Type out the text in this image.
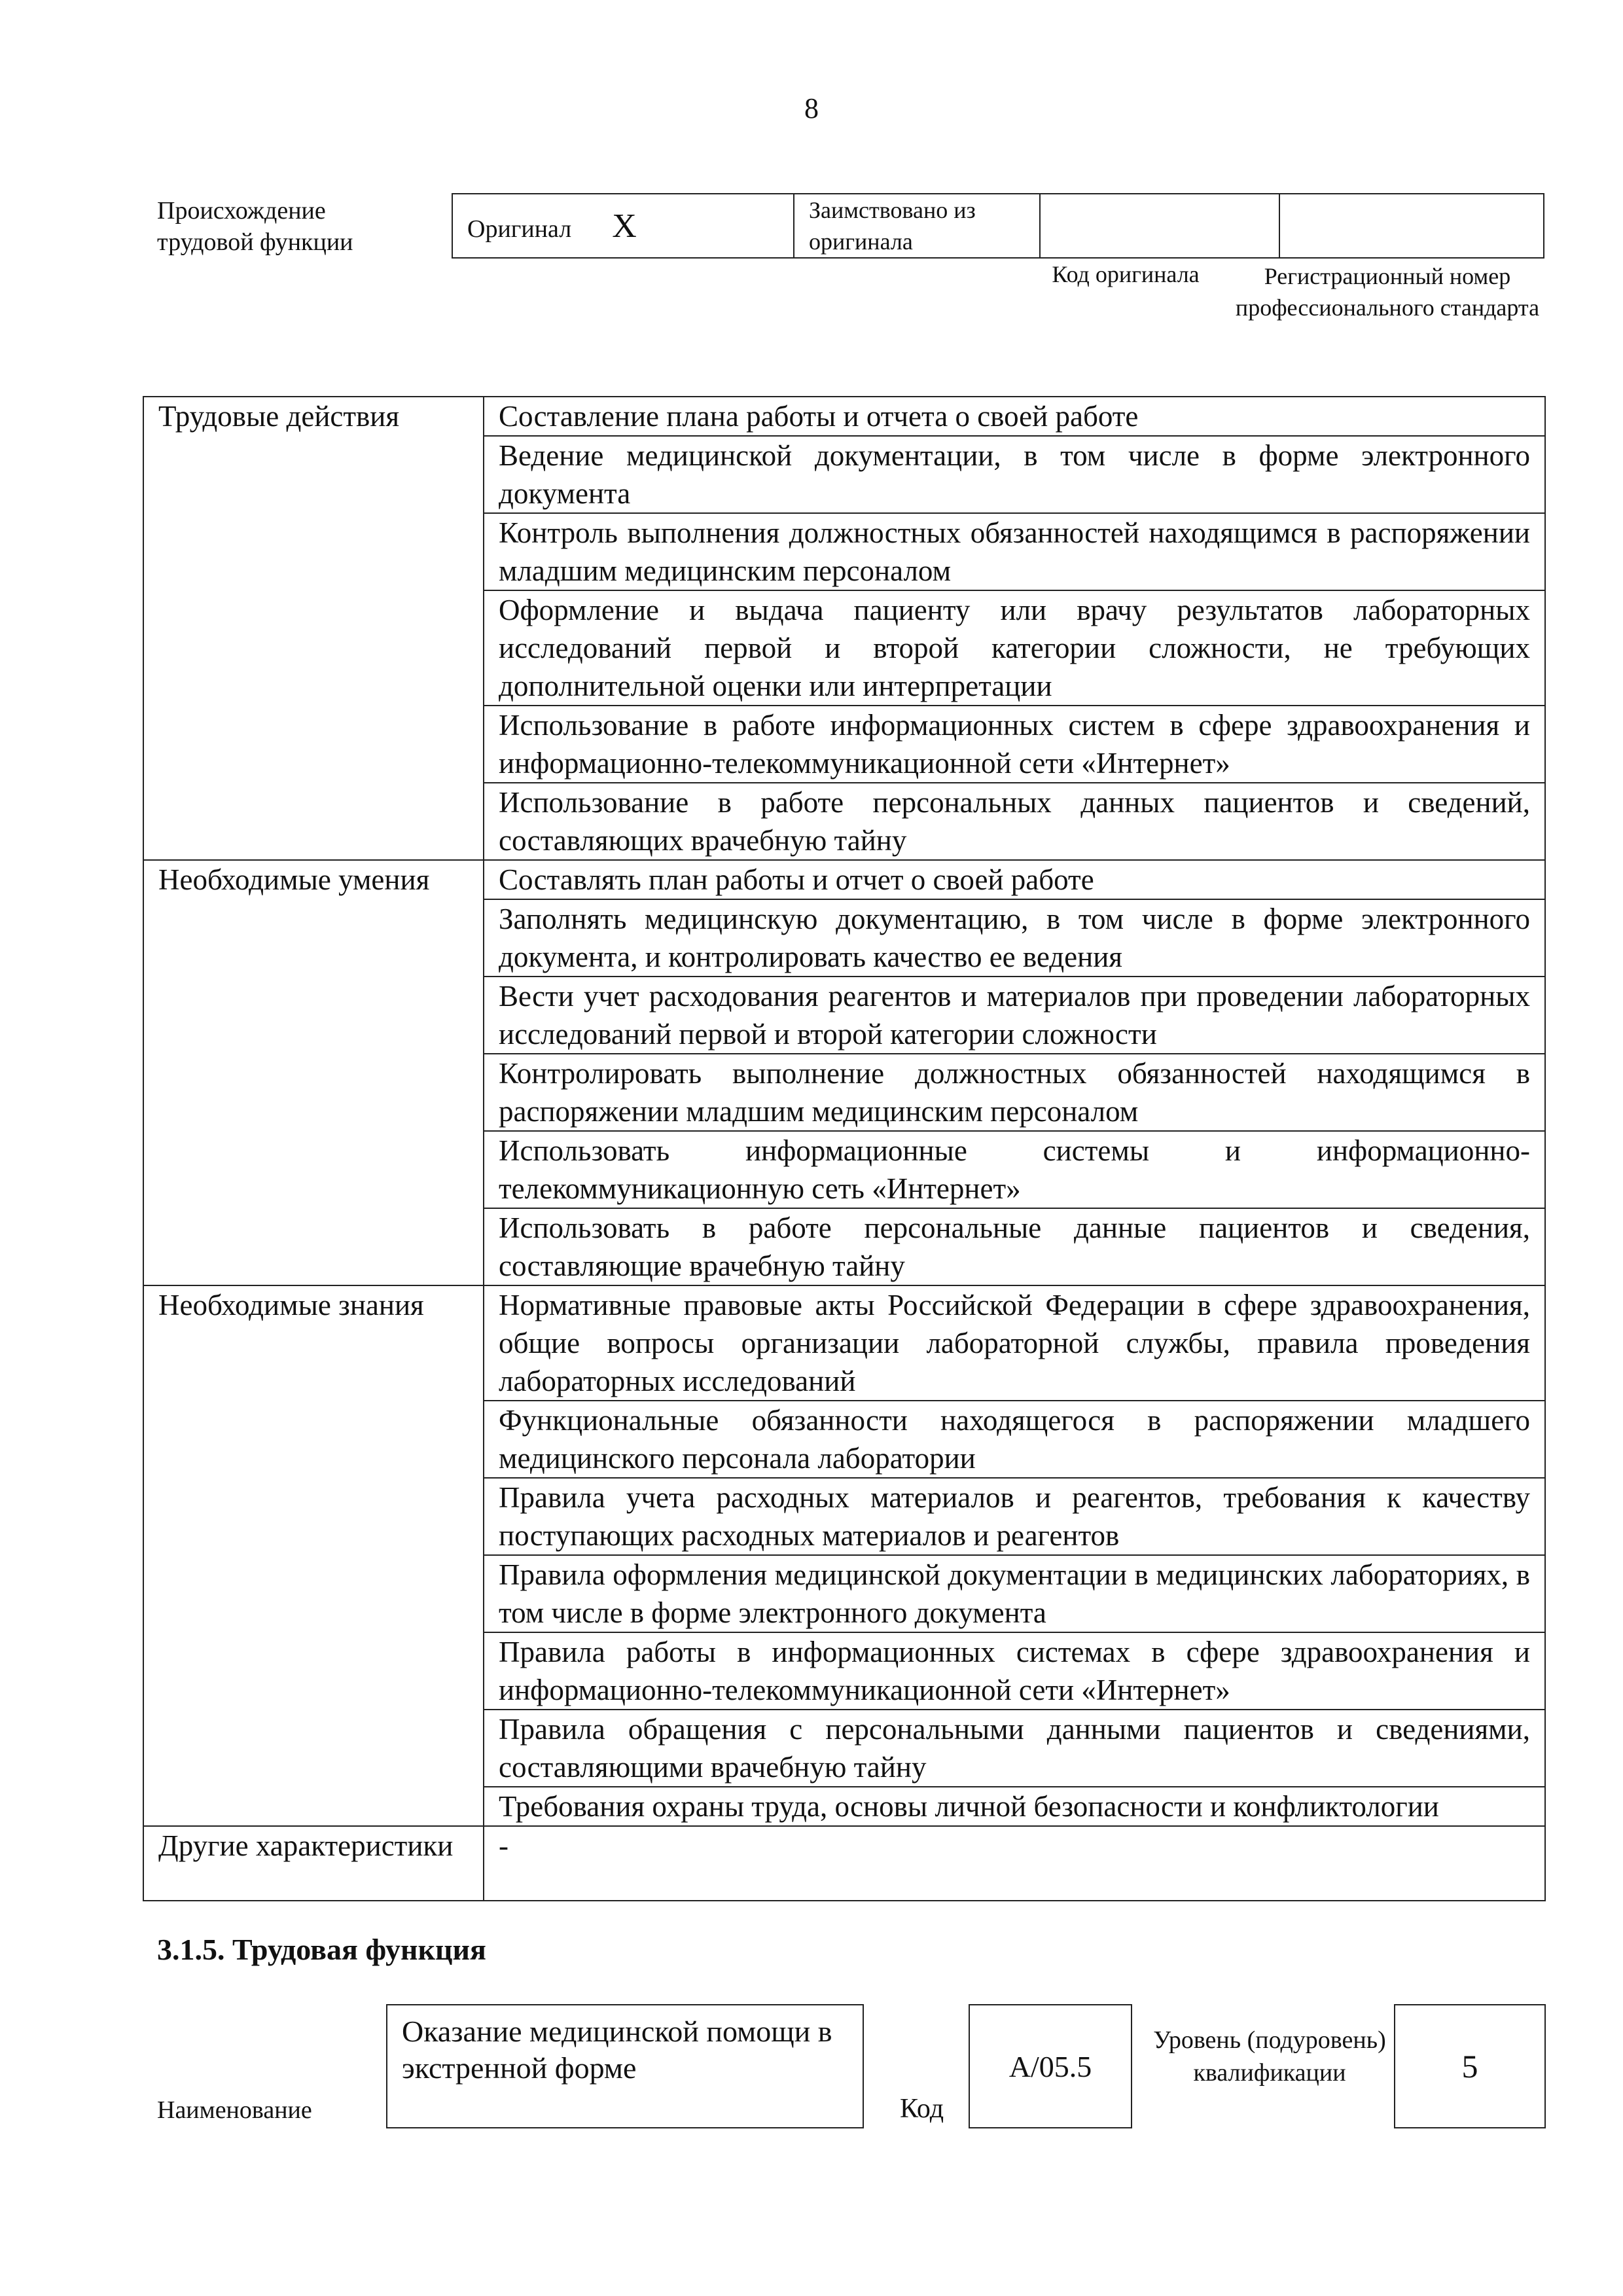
8
Происхождение трудовой функции	Оригинал X	Заимствовано из оригинала		
Код оригинала	Регистрационный номер профессионального стандарта
Трудовые действия	Составление плана работы и отчета о своей работе
	Ведение медицинской документации, в том числе в форме электронного документа
	Контроль выполнения должностных обязанностей находящимся в распоряжении младшим медицинским персоналом
	Оформление и выдача пациенту или врачу результатов лабораторных исследований первой и второй категории сложности, не требующих дополнительной оценки или интерпретации
	Использование в работе информационных систем в сфере здравоохранения и информационно-телекоммуникационной сети «Интернет»
	Использование в работе персональных данных пациентов и сведений, составляющих врачебную тайну
Необходимые умения	Составлять план работы и отчет о своей работе
	Заполнять медицинскую документацию, в том числе в форме электронного документа, и контролировать качество ее ведения
	Вести учет расходования реагентов и материалов при проведении лабораторных исследований первой и второй категории сложности
	Контролировать выполнение должностных обязанностей находящимся в распоряжении младшим медицинским персоналом
	Использовать информационные системы и информационно-телекоммуникационную сеть «Интернет»
	Использовать в работе персональные данные пациентов и сведения, составляющие врачебную тайну
Необходимые знания	Нормативные правовые акты Российской Федерации в сфере здравоохранения, общие вопросы организации лабораторной службы, правила проведения лабораторных исследований
	Функциональные обязанности находящегося в распоряжении младшего медицинского персонала лаборатории
	Правила учета расходных материалов и реагентов, требования к качеству поступающих расходных материалов и реагентов
	Правила оформления медицинской документации в медицинских лабораториях, в том числе в форме электронного документа
	Правила работы в информационных системах в сфере здравоохранения и информационно-телекоммуникационной сети «Интернет»
	Правила обращения с персональными данными пациентов и сведениями, составляющими врачебную тайну
	Требования охраны труда, основы личной безопасности и конфликтологии
Другие характеристики	-
3.1.5. Трудовая функция
Наименование
Оказание медицинской помощи в экстренной форме
Код
A/05.5
Уровень (подуровень) квалификации	5
